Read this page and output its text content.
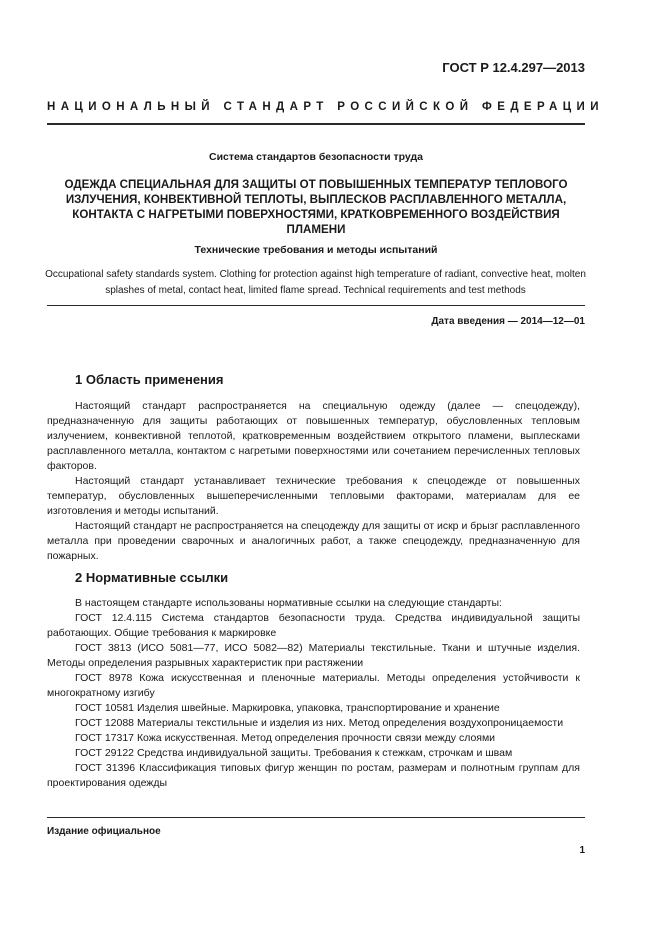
ГОСТ Р 12.4.297—2013
НАЦИОНАЛЬНЫЙ СТАНДАРТ РОССИЙСКОЙ ФЕДЕРАЦИИ
Система стандартов безопасности труда
ОДЕЖДА СПЕЦИАЛЬНАЯ ДЛЯ ЗАЩИТЫ ОТ ПОВЫШЕННЫХ ТЕМПЕРАТУР ТЕПЛОВОГО ИЗЛУЧЕНИЯ, КОНВЕКТИВНОЙ ТЕПЛОТЫ, ВЫПЛЕСКОВ РАСПЛАВЛЕННОГО МЕТАЛЛА, КОНТАКТА С НАГРЕТЫМИ ПОВЕРХНОСТЯМИ, КРАТКОВРЕМЕННОГО ВОЗДЕЙСТВИЯ ПЛАМЕНИ
Технические требования и методы испытаний
Occupational safety standards system. Clothing for protection against high temperature of radiant, convective heat, molten splashes of metal, contact heat, limited flame spread. Technical requirements and test methods
Дата введения — 2014—12—01
1 Область применения

Настоящий стандарт распространяется на специальную одежду (далее — спецодежду), предназначенную для защиты работающих от повышенных температур, обусловленных тепловым излучением, конвективной теплотой, кратковременным воздействием открытого пламени, выплесками расплавленного металла, контактом с нагретыми поверхностями или сочетанием перечисленных тепловых факторов.

Настоящий стандарт устанавливает технические требования к спецодежде от повышенных температур, обусловленных вышеперечисленными тепловыми факторами, материалам для ее изготовления и методы испытаний.

Настоящий стандарт не распространяется на спецодежду для защиты от искр и брызг расплавленного металла при проведении сварочных и аналогичных работ, а также спецодежду, предназначенную для пожарных.

2 Нормативные ссылки

В настоящем стандарте использованы нормативные ссылки на следующие стандарты:

ГОСТ 12.4.115 Система стандартов безопасности труда. Средства индивидуальной защиты работающих. Общие требования к маркировке

ГОСТ 3813 (ИСО 5081—77, ИСО 5082—82) Материалы текстильные. Ткани и штучные изделия. Методы определения разрывных характеристик при растяжении

ГОСТ 8978 Кожа искусственная и пленочные материалы. Методы определения устойчивости к многократному изгибу

ГОСТ 10581 Изделия швейные. Маркировка, упаковка, транспортирование и хранение

ГОСТ 12088 Материалы текстильные и изделия из них. Метод определения воздухопроницаемости

ГОСТ 17317 Кожа искусственная. Метод определения прочности связи между слоями

ГОСТ 29122 Средства индивидуальной защиты. Требования к стежкам, строчкам и швам

ГОСТ 31396 Классификация типовых фигур женщин по ростам, размерам и полнотным группам для проектирования одежды

Издание официальное
1
